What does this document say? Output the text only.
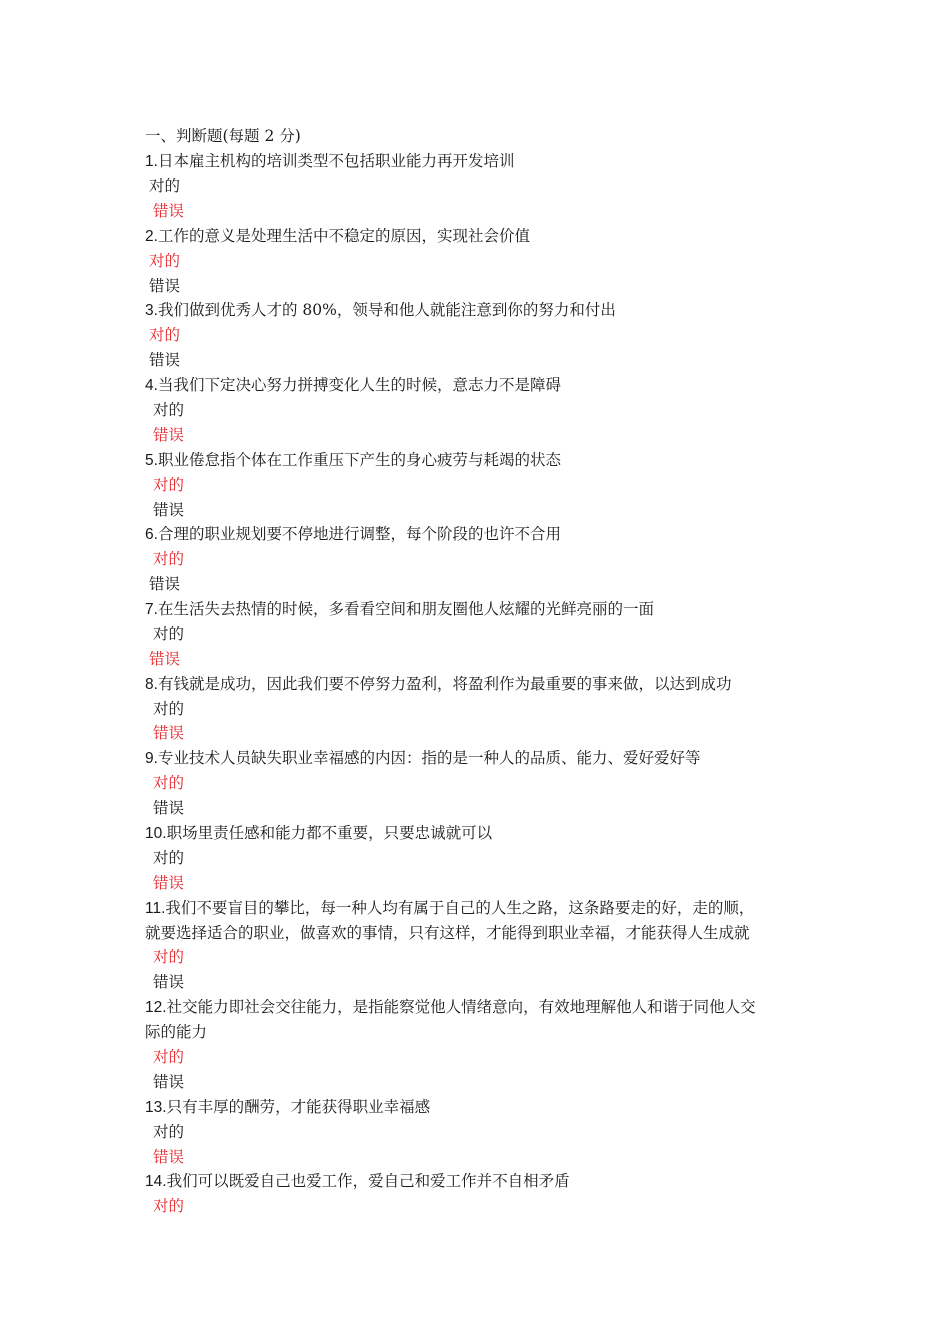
一、判断题(每题 2 分)
1.日本雇主机构的培训类型不包括职业能力再开发培训
对的
错误
2.工作的意义是处理生活中不稳定的原因，实现社会价值
对的
错误
3.我们做到优秀人才的 80%，领导和他人就能注意到你的努力和付出
对的
错误
4.当我们下定决心努力拼搏变化人生的时候，意志力不是障碍
对的
错误
5.职业倦怠指个体在工作重压下产生的身心疲劳与耗竭的状态
对的
错误
6.合理的职业规划要不停地进行调整，每个阶段的也许不合用
对的
错误
7.在生活失去热情的时候，多看看空间和朋友圈他人炫耀的光鲜亮丽的一面
对的
错误
8.有钱就是成功，因此我们要不停努力盈利，将盈利作为最重要的事来做，以达到成功
对的
错误
9.专业技术人员缺失职业幸福感的内因：指的是一种人的品质、能力、爱好爱好等
对的
错误
10.职场里责任感和能力都不重要，只要忠诚就可以
对的
错误
11.我们不要盲目的攀比，每一种人均有属于自己的人生之路，这条路要走的好，走的顺，
就要选择适合的职业，做喜欢的事情，只有这样，才能得到职业幸福，才能获得人生成就
对的
错误
12.社交能力即社会交往能力，是指能察觉他人情绪意向，有效地理解他人和谐于同他人交
际的能力
对的
错误
13.只有丰厚的酬劳，才能获得职业幸福感
对的
错误
14.我们可以既爱自己也爱工作，爱自己和爱工作并不自相矛盾
对的
